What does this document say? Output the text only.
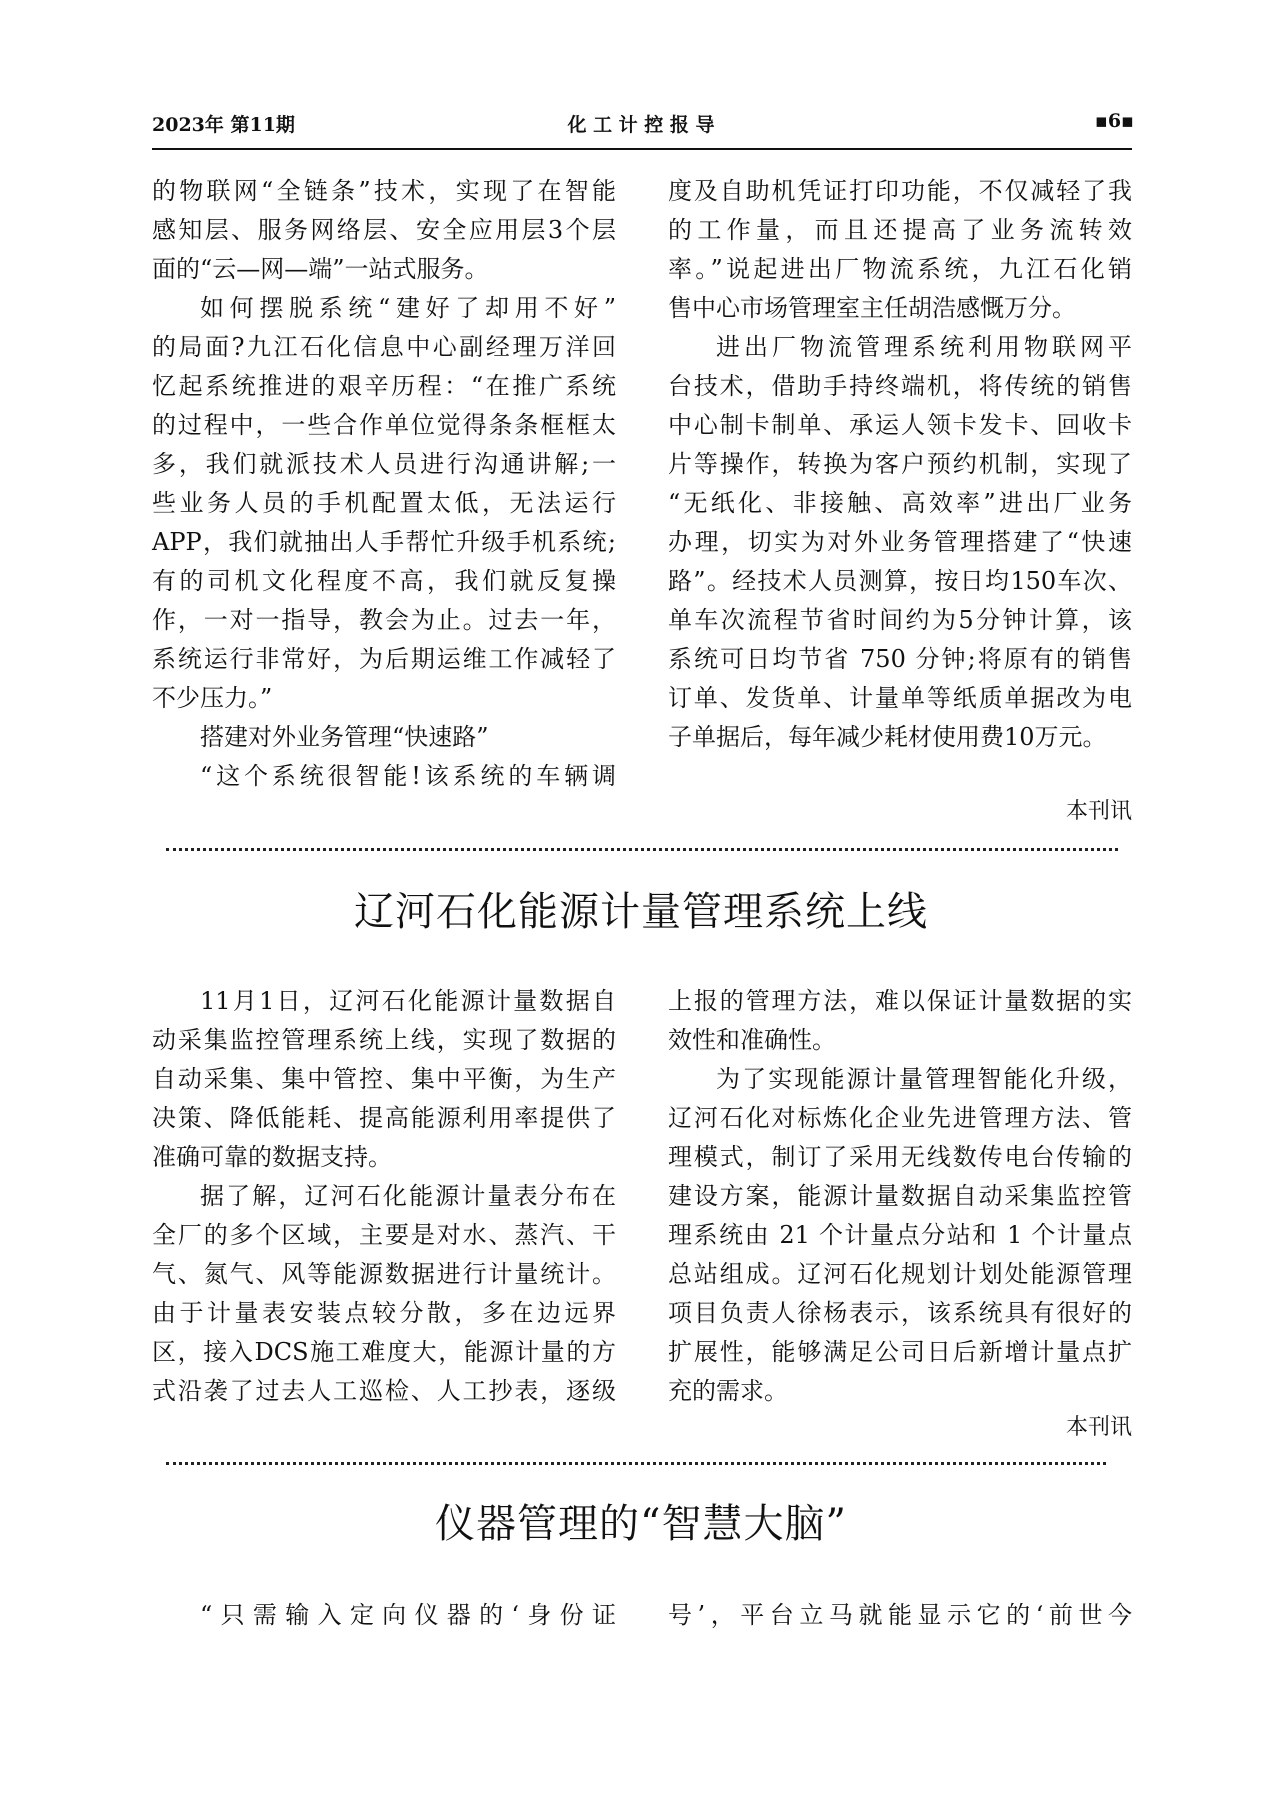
2023年 第11期	化 工 计 控 报 导	▪6▪

的物联网“全链条”技术，实现了在智能

感知层、服务网络层、安全应用层3个层

面的“云—网—端”一站式服务。

如何摆脱系统“建好了却用不好”

的局面?九江石化信息中心副经理万洋回

忆起系统推进的艰辛历程：“在推广系统

的过程中，一些合作单位觉得条条框框太

多，我们就派技术人员进行沟通讲解;一

些业务人员的手机配置太低，无法运行

APP，我们就抽出人手帮忙升级手机系统;

有的司机文化程度不高，我们就反复操

作，一对一指导，教会为止。过去一年，

系统运行非常好，为后期运维工作减轻了

不少压力。”

搭建对外业务管理“快速路”

“这个系统很智能!该系统的车辆调

度及自助机凭证打印功能，不仅减轻了我

的工作量，而且还提高了业务流转效

率。”说起进出厂物流系统，九江石化销

售中心市场管理室主任胡浩感慨万分。

进出厂物流管理系统利用物联网平

台技术，借助手持终端机，将传统的销售

中心制卡制单、承运人领卡发卡、回收卡

片等操作，转换为客户预约机制，实现了

“无纸化、非接触、高效率”进出厂业务

办理，切实为对外业务管理搭建了“快速

路”。经技术人员测算，按日均150车次、

单车次流程节省时间约为5分钟计算，该

系统可日均节省 750 分钟;将原有的销售

订单、发货单、计量单等纸质单据改为电

子单据后，每年减少耗材使用费10万元。

本刊讯
辽河石化能源计量管理系统上线

11月1日，辽河石化能源计量数据自

动采集监控管理系统上线，实现了数据的

自动采集、集中管控、集中平衡，为生产

决策、降低能耗、提高能源利用率提供了

准确可靠的数据支持。

据了解，辽河石化能源计量表分布在

全厂的多个区域，主要是对水、蒸汽、干

气、氮气、风等能源数据进行计量统计。

由于计量表安装点较分散，多在边远界

区，接入DCS施工难度大，能源计量的方

式沿袭了过去人工巡检、人工抄表，逐级

上报的管理方法，难以保证计量数据的实

效性和准确性。

为了实现能源计量管理智能化升级，

辽河石化对标炼化企业先进管理方法、管

理模式，制订了采用无线数传电台传输的

建设方案，能源计量数据自动采集监控管

理系统由 21 个计量点分站和 1 个计量点

总站组成。辽河石化规划计划处能源管理

项目负责人徐杨表示，该系统具有很好的

扩展性，能够满足公司日后新增计量点扩

充的需求。

本刊讯
仪器管理的“智慧大脑”

“只需输入定向仪器的‘身份证 号’，平台立马就能显示它的‘前世今
